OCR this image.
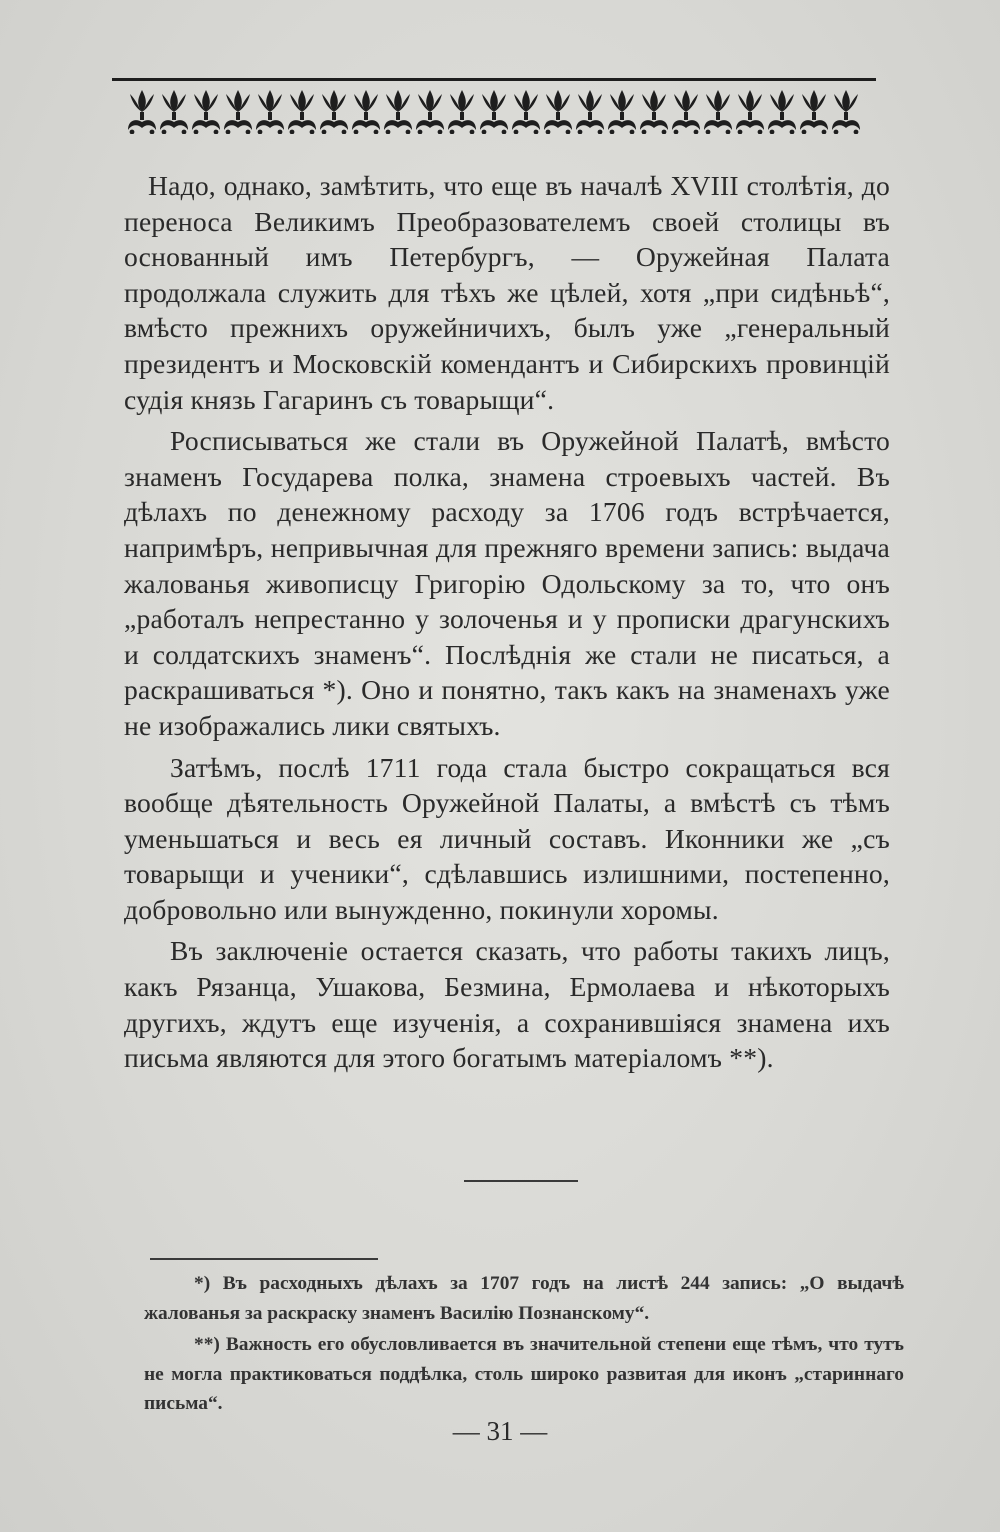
Надо, однако, замѣтить, что еще въ началѣ XVIII столѣтія, до переноса Великимъ Преобразователемъ своей столицы въ основанный имъ Петербургъ, — Оружейная Палата продолжала служить для тѣхъ же цѣлей, хотя „при сидѣньѣ“, вмѣсто прежнихъ оружейничихъ, былъ уже „генеральный президентъ и Московскій комендантъ и Сибирскихъ провинцій судія князь Гагаринъ съ товарыщи“.

Росписываться же стали въ Оружейной Палатѣ, вмѣсто знаменъ Государева полка, знамена строевыхъ частей. Въ дѣлахъ по денежному расходу за 1706 годъ встрѣчается, напримѣръ, непривычная для прежняго времени запись: выдача жалованья живописцу Григорію Одольскому за то, что онъ „работалъ непрестанно у золоченья и у прописки драгунскихъ и солдатскихъ знаменъ“. Послѣднія же стали не писаться, а раскрашиваться *). Оно и понятно, такъ какъ на знаменахъ уже не изображались лики святыхъ.

Затѣмъ, послѣ 1711 года стала быстро сокращаться вся вообще дѣятельность Оружейной Палаты, а вмѣстѣ съ тѣмъ уменьшаться и весь ея личный составъ. Иконники же „съ товарыщи и ученики“, сдѣлавшись излишними, постепенно, добровольно или вынужденно, покинули хоромы.

Въ заключеніе остается сказать, что работы такихъ лицъ, какъ Рязанца, Ушакова, Безмина, Ермолаева и нѣкоторыхъ другихъ, ждутъ еще изученія, а сохранившіяся знамена ихъ письма являются для этого богатымъ матеріаломъ **).

*) Въ расходныхъ дѣлахъ за 1707 годъ на листѣ 244 запись: „О выдачѣ жалованья за раскраску знаменъ Василію Познанскому“.

**) Важность его обусловливается въ значительной степени еще тѣмъ, что тутъ не могла практиковаться поддѣлка, столь широко развитая для иконъ „стариннаго письма“.

— 31 —
